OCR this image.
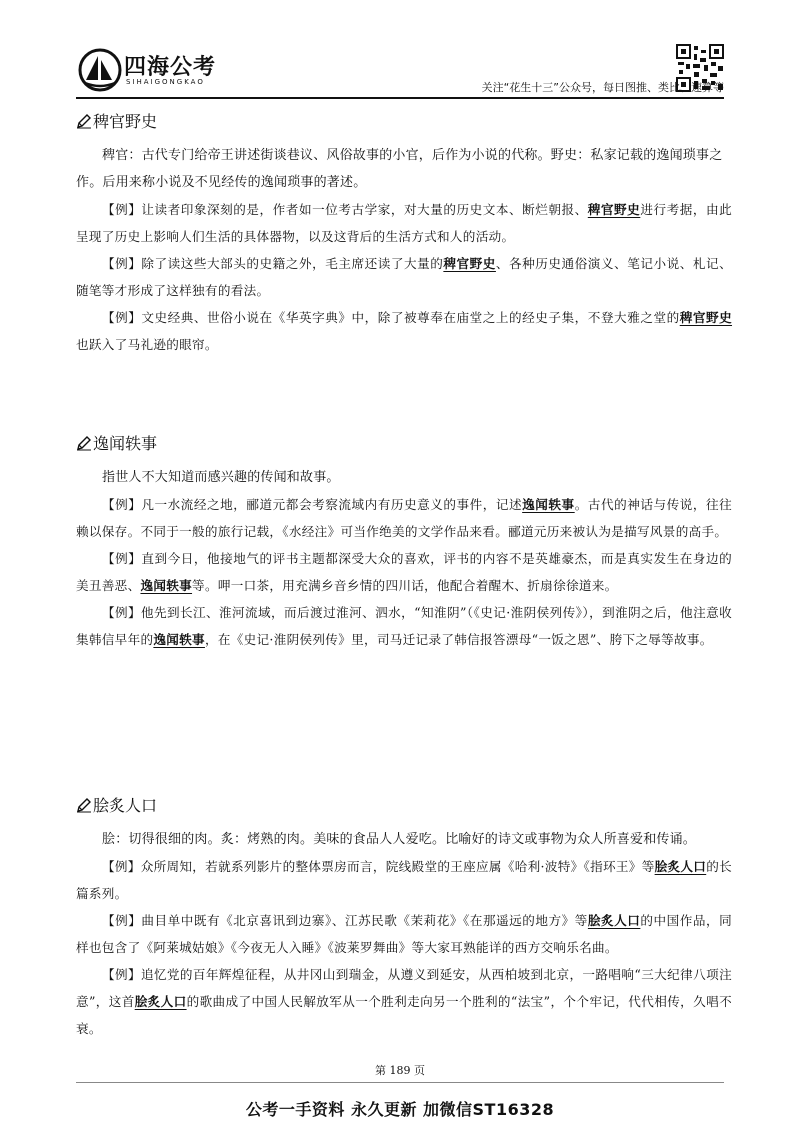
四海公考
SIHAIGONGKAO	关注“花生十三”公众号，每日图推、类比、速算等
稗官野史

稗官：古代专门给帝王讲述街谈巷议、风俗故事的小官，后作为小说的代称。野史：私家记载的逸闻琐事之作。后用来称小说及不见经传的逸闻琐事的著述。

【例】让读者印象深刻的是，作者如一位考古学家，对大量的历史文本、断烂朝报、稗官野史进行考据，由此呈现了历史上影响人们生活的具体器物，以及这背后的生活方式和人的活动。

【例】除了读这些大部头的史籍之外，毛主席还读了大量的稗官野史、各种历史通俗演义、笔记小说、札记、随笔等才形成了这样独有的看法。

【例】文史经典、世俗小说在《华英字典》中，除了被尊奉在庙堂之上的经史子集，不登大雅之堂的稗官野史也跃入了马礼逊的眼帘。

逸闻轶事

指世人不大知道而感兴趣的传闻和故事。

【例】凡一水流经之地，郦道元都会考察流域内有历史意义的事件，记述逸闻轶事。古代的神话与传说，往往赖以保存。不同于一般的旅行记载，《水经注》可当作绝美的文学作品来看。郦道元历来被认为是描写风景的高手。

【例】直到今日，他接地气的评书主题都深受大众的喜欢，评书的内容不是英雄豪杰，而是真实发生在身边的美丑善恶、逸闻轶事等。呷一口茶，用充满乡音乡情的四川话，他配合着醒木、折扇徐徐道来。

【例】他先到长江、淮河流域，而后渡过淮河、泗水，“知淮阴”（《史记·淮阴侯列传》），到淮阴之后，他注意收集韩信早年的逸闻轶事，在《史记·淮阴侯列传》里，司马迁记录了韩信报答漂母“一饭之恩”、胯下之辱等故事。

脍炙人口

脍：切得很细的肉。炙：烤熟的肉。美味的食品人人爱吃。比喻好的诗文或事物为众人所喜爱和传诵。

【例】众所周知，若就系列影片的整体票房而言，院线殿堂的王座应属《哈利·波特》《指环王》等脍炙人口的长篇系列。

【例】曲目单中既有《北京喜讯到边寨》、江苏民歌《茉莉花》《在那遥远的地方》等脍炙人口的中国作品，同样也包含了《阿莱城姑娘》《今夜无人入睡》《波莱罗舞曲》等大家耳熟能详的西方交响乐名曲。

【例】追忆党的百年辉煌征程，从井冈山到瑞金，从遵义到延安，从西柏坡到北京，一路唱响“三大纪律八项注意”，这首脍炙人口的歌曲成了中国人民解放军从一个胜利走向另一个胜利的“法宝”，个个牢记，代代相传，久唱不衰。

第 189 页
公考一手资料 永久更新 加微信ST16328
